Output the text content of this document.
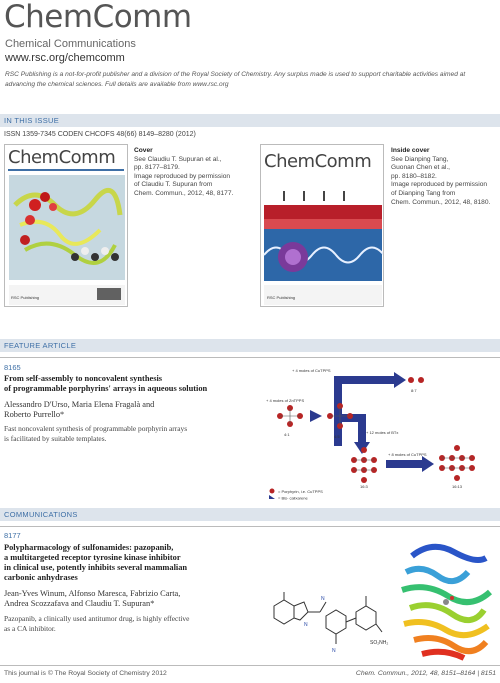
ChemComm
Chemical Communications
www.rsc.org/chemcomm
RSC Publishing is a not-for-profit publisher and a division of the Royal Society of Chemistry. Any surplus made is used to support charitable activities aimed at advancing the chemical sciences. Full details are available from www.rsc.org
IN THIS ISSUE
ISSN 1359-7345 CODEN CHCOFS 48(66) 8149–8280 (2012)
ChemComm
RSC Publishing
Cover
See Claudiu T. Supuran et al.,
pp. 8177–8179.
Image reproduced by permission
of Claudiu T. Supuran from
Chem. Commun., 2012, 48, 8177.
ChemComm
RSC Publishing
Inside cover
See Dianping Tang,
Guonan Chen et al.,
pp. 8180–8182.
Image reproduced by permission
of Dianping Tang from
Chem. Commun., 2012, 48, 8180.
FEATURE ARTICLE
8165
From self-assembly to noncovalent synthesis
of programmable porphyrins' arrays in aqueous solution
Alessandro D'Urso, Maria Elena Fragalà and
Roberto Purrello*
Fast noncovalent synthesis of programmable porphyrin arrays
is facilitated by suitable templates.
+ 4 moles of CuTPPS
+ 4 moles of ZnTPPS
+ 12 moles of BTx
+ 8 moles of CuTPPS
4:1	4:5
8:7
16:3	16:13
= Porphyrin, i.e. CuTPPS
= Bis- calixarene
COMMUNICATIONS
8177
Polypharmacology of sulfonamides: pazopanib,
a multitargeted receptor tyrosine kinase inhibitor
in clinical use, potently inhibits several mammalian
carbonic anhydrases
Jean-Yves Winum, Alfonso Maresca, Fabrizio Carta,
Andrea Scozzafava and Claudiu T. Supuran*
Pazopanib, a clinically used antitumor drug, is highly effective
as a CA inhibitor.
N
N
N
SO₂NH₂
This journal is © The Royal Society of Chemistry 2012	Chem. Commun., 2012, 48, 8151–8164 | 8151
